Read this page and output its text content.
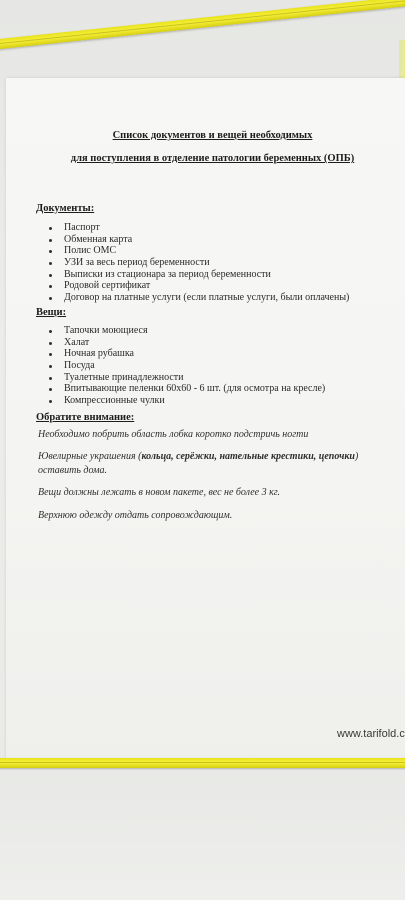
Список документов и вещей необходимых
для поступления в отделение патологии беременных (ОПБ)
Документы:
Паспорт
Обменная карта
Полис ОМС
УЗИ за весь период беременности
Выписки из стационара за период беременности
Родовой сертификат
Договор на платные услуги (если платные услуги, были оплачены)
Вещи:
Тапочки моющиеся
Халат
Ночная рубашка
Посуда
Туалетные принадлежности
Впитывающие пеленки 60х60 - 6 шт. (для осмотра на кресле)
Компрессионные чулки
Обратите внимание:
Необходимо побрить область лобка коротко подстричь ногти
Ювелирные украшения (кольца, серёжки, нательные крестики, цепочки) оставить дома.
Вещи должны лежать в новом пакете, вес не более 3 кг.
Верхнюю одежду отдать сопровождающим.
www.tarifold.c
